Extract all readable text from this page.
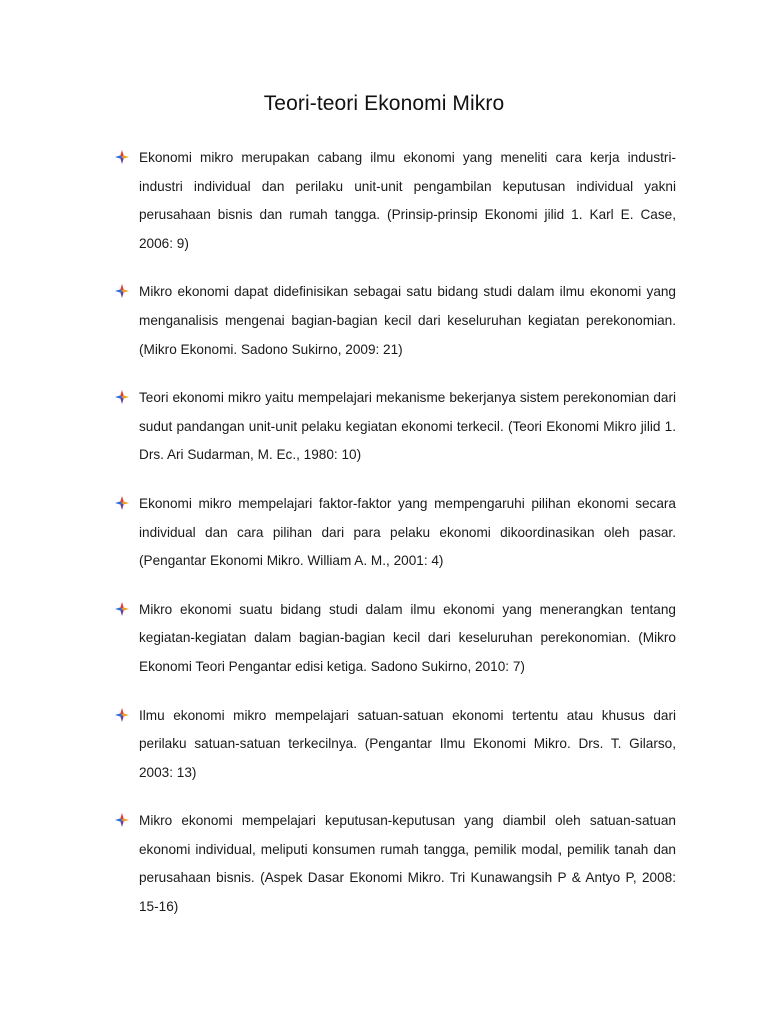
Teori-teori Ekonomi Mikro
Ekonomi mikro merupakan cabang ilmu ekonomi yang meneliti cara kerja industri-industri individual dan perilaku unit-unit pengambilan keputusan individual yakni perusahaan bisnis dan rumah tangga. (Prinsip-prinsip Ekonomi jilid 1. Karl E. Case, 2006: 9)
Mikro ekonomi dapat didefinisikan sebagai satu bidang studi dalam ilmu ekonomi yang menganalisis mengenai bagian-bagian kecil dari keseluruhan kegiatan perekonomian. (Mikro Ekonomi. Sadono Sukirno, 2009: 21)
Teori ekonomi mikro yaitu mempelajari mekanisme bekerjanya sistem perekonomian dari sudut pandangan unit-unit pelaku kegiatan ekonomi terkecil. (Teori Ekonomi Mikro jilid 1. Drs. Ari Sudarman, M. Ec., 1980: 10)
Ekonomi mikro mempelajari faktor-faktor yang mempengaruhi pilihan ekonomi secara individual dan cara pilihan dari para pelaku ekonomi dikoordinasikan oleh pasar. (Pengantar Ekonomi Mikro. William A. M., 2001: 4)
Mikro ekonomi suatu bidang studi dalam ilmu ekonomi yang menerangkan tentang kegiatan-kegiatan dalam bagian-bagian kecil dari keseluruhan perekonomian. (Mikro Ekonomi Teori Pengantar edisi ketiga. Sadono Sukirno, 2010: 7)
Ilmu ekonomi mikro mempelajari satuan-satuan ekonomi tertentu atau khusus dari perilaku satuan-satuan terkecilnya. (Pengantar Ilmu Ekonomi Mikro. Drs. T. Gilarso, 2003: 13)
Mikro ekonomi mempelajari keputusan-keputusan yang diambil oleh satuan-satuan ekonomi individual, meliputi konsumen rumah tangga, pemilik modal, pemilik tanah dan perusahaan bisnis. (Aspek Dasar Ekonomi Mikro. Tri Kunawangsih P & Antyo P, 2008: 15-16)
